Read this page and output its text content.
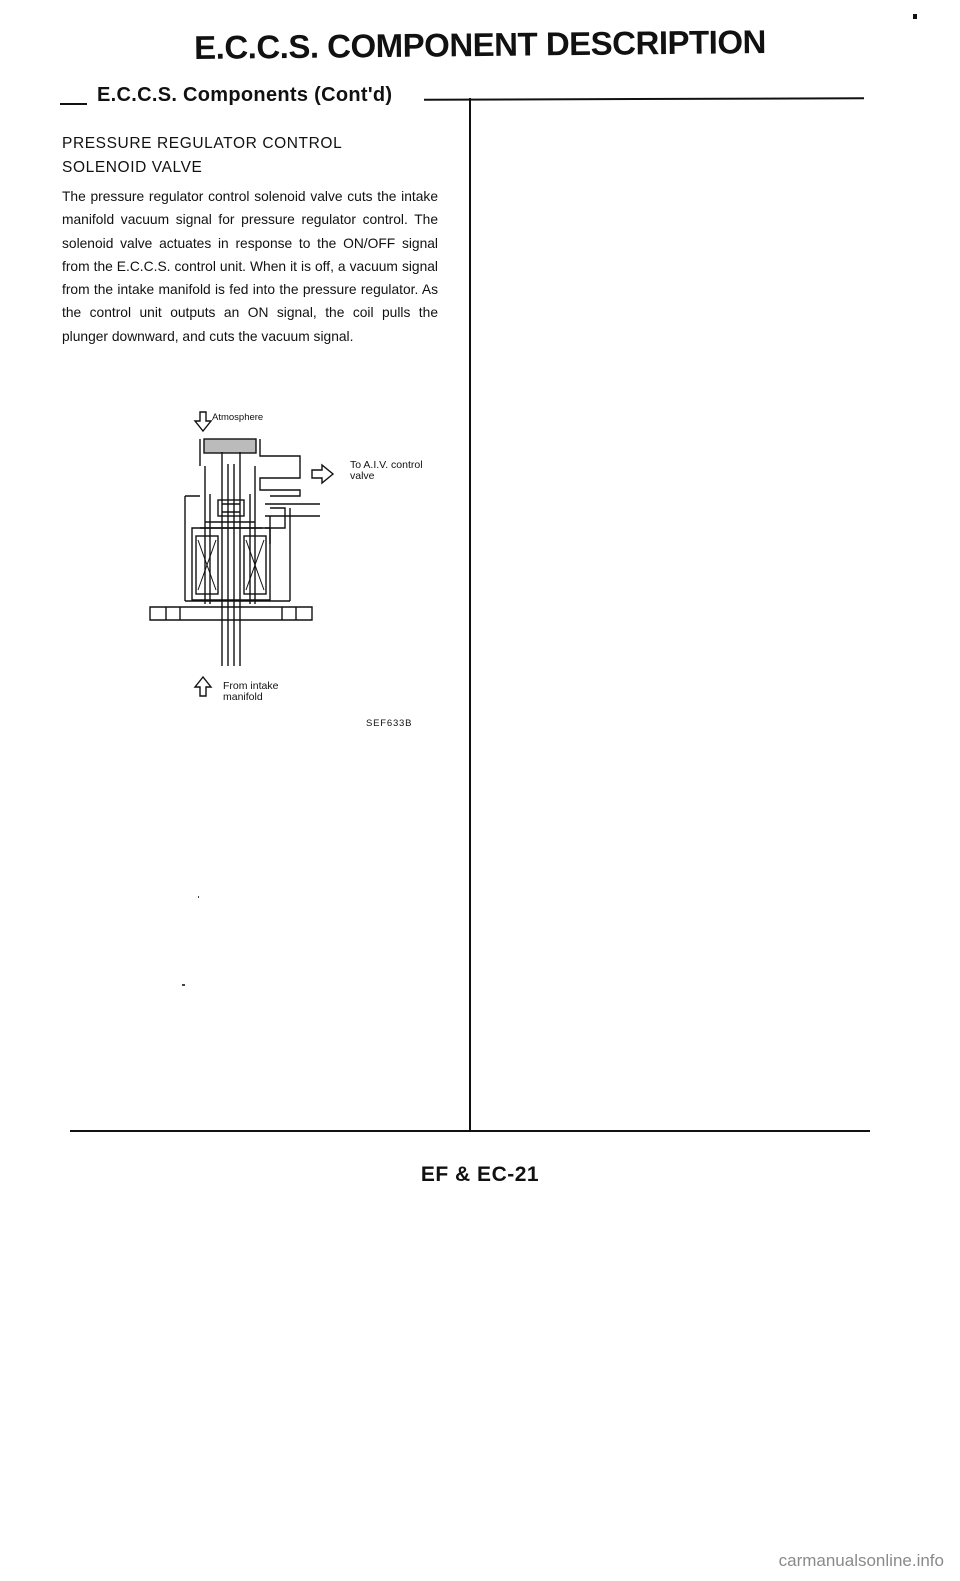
E.C.C.S. COMPONENT DESCRIPTION
E.C.C.S. Components (Cont'd)
PRESSURE REGULATOR CONTROL
SOLENOID VALVE
The pressure regulator control solenoid valve cuts the intake manifold vacuum signal for pressure regulator control. The solenoid valve actuates in response to the ON/OFF signal from the E.C.C.S. control unit. When it is off, a vacuum signal from the intake manifold is fed into the pressure regulator. As the control unit outputs an ON signal, the coil pulls the plunger downward, and cuts the vacuum signal.
Atmosphere
To A.I.V. control valve
From intake manifold
SEF633B
EF & EC-21
carmanualsonline.info
